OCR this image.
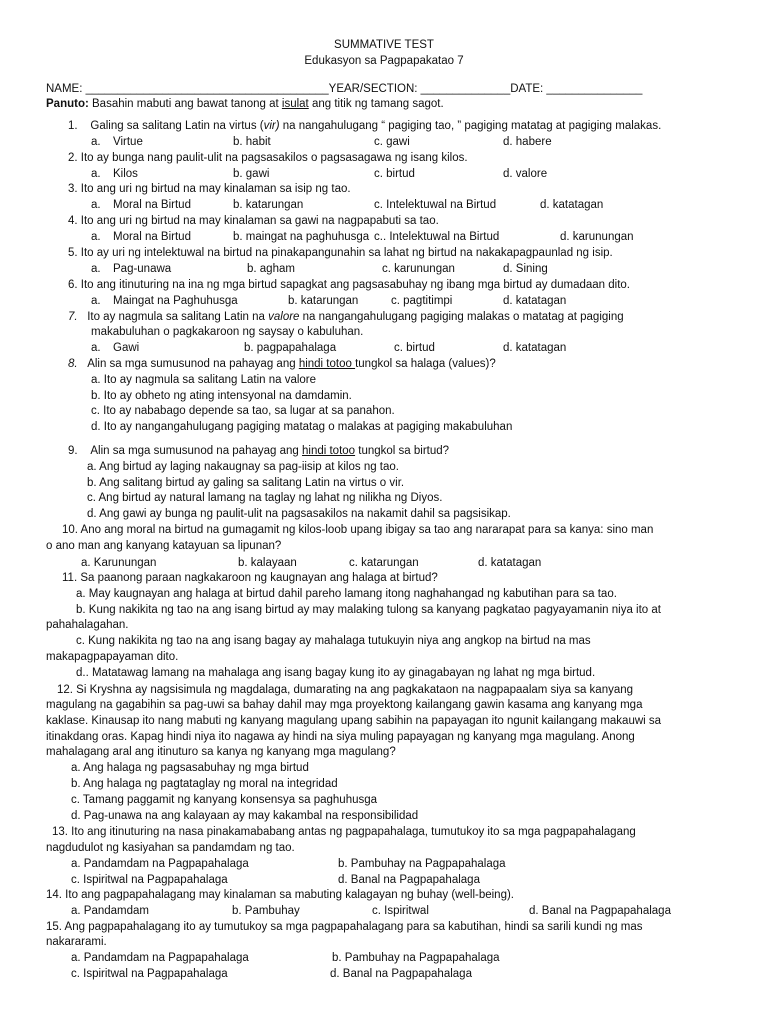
SUMMATIVE TEST
Edukasyon sa Pagpapakatao 7
NAME: ______________________________________YEAR/SECTION: ______________DATE: _______________
Panuto: Basahin mabuti ang bawat tanong at isulat ang titik ng tamang sagot.
1. Galing sa salitang Latin na virtus (vir) na nangahulugang “ pagiging tao, ” pagiging matatag at pagiging malakas.
a. Virtue	b. habit	c. gawi	d. habere
2. Ito ay bunga nang paulit-ulit na pagsasakilos o pagsasagawa ng isang kilos.
a. Kilos	b. gawi	c. birtud	d. valore
3. Ito ang uri ng birtud na may kinalaman sa isip ng tao.
a. Moral na Birtud	b. katarungan	c. Intelektuwal na Birtud	d. katatagan
4. Ito ang uri ng birtud na may kinalaman sa gawi na nagpapabuti sa tao.
a. Moral na Birtud	b. maingat na paghuhusga c.. Intelektuwal na Birtud	d. karunungan
5. Ito ay uri ng intelektuwal na birtud na pinakapangunahin sa lahat ng birtud na nakakapagpaunlad ng isip.
a. Pag-unawa	b. agham	c. karunungan	d. Sining
6. Ito ang itinuturing na ina ng mga birtud sapagkat ang pagsasabuhay ng ibang mga birtud ay dumadaan dito.
a. Maingat na Paghuhusga	b. katarungan	c. pagtitimpi	d. katatagan
7. Ito ay nagmula sa salitang Latin na valore na nangangahulugang pagiging malakas o matatag at pagiging
makabuluhan o pagkakaroon ng saysay o kabuluhan.
a. Gawi	b. pagpapahalaga	c. birtud	d. katatagan
8. Alin sa mga sumusunod na pahayag ang hindi totoo tungkol sa halaga (values)?
a. Ito ay nagmula sa salitang Latin na valore
b. Ito ay obheto ng ating intensyonal na damdamin.
c. Ito ay nababago depende sa tao, sa lugar at sa panahon.
d. Ito ay nangangahulugang pagiging matatag o malakas at pagiging makabuluhan
9. Alin sa mga sumusunod na pahayag ang hindi totoo tungkol sa birtud?
a. Ang birtud ay laging nakaugnay sa pag-iisip at kilos ng tao.
b. Ang salitang birtud ay galing sa salitang Latin na virtus o vir.
c. Ang birtud ay natural lamang na taglay ng lahat ng nilikha ng Diyos.
d. Ang gawi ay bunga ng paulit-ulit na pagsasakilos na nakamit dahil sa pagsisikap.
10. Ano ang moral na birtud na gumagamit ng kilos-loob upang ibigay sa tao ang nararapat para sa kanya: sino man
o ano man ang kanyang katayuan sa lipunan?
a. Karunungan	b. kalayaan	c. katarungan	d. katatagan
11. Sa paanong paraan nagkakaroon ng kaugnayan ang halaga at birtud?
a. May kaugnayan ang halaga at birtud dahil pareho lamang itong naghahangad ng kabutihan para sa tao.
b. Kung nakikita ng tao na ang isang birtud ay may malaking tulong sa kanyang pagkatao pagyayamanin niya ito at
pahahalagahan.
c. Kung nakikita ng tao na ang isang bagay ay mahalaga tutukuyin niya ang angkop na birtud na mas
makapagpapayaman dito.
d.. Matatawag lamang na mahalaga ang isang bagay kung ito ay ginagabayan ng lahat ng mga birtud.
12. Si Kryshna ay nagsisimula ng magdalaga, dumarating na ang pagkakataon na nagpapaalam siya sa kanyang
magulang na gagabihin sa pag-uwi sa bahay dahil may mga proyektong kailangang gawin kasama ang kanyang mga
kaklase. Kinausap ito nang mabuti ng kanyang magulang upang sabihin na papayagan ito ngunit kailangang makauwi sa
itinakdang oras. Kapag hindi niya ito nagawa ay hindi na siya muling papayagan ng kanyang mga magulang. Anong
mahalagang aral ang itinuturo sa kanya ng kanyang mga magulang?
a. Ang halaga ng pagsasabuhay ng mga birtud
b. Ang halaga ng pagtataglay ng moral na integridad
c. Tamang paggamit ng kanyang konsensya sa paghuhusga
d. Pag-unawa na ang kalayaan ay may kakambal na responsibilidad
13. Ito ang itinuturing na nasa pinakamababang antas ng pagpapahalaga, tumutukoy ito sa mga pagpapahalagang
nagdudulot ng kasiyahan sa pandamdam ng tao.
a. Pandamdam na Pagpapahalaga	b. Pambuhay na Pagpapahalaga
c. Ispiritwal na Pagpapahalaga	d. Banal na Pagpapahalaga
14. Ito ang pagpapahalagang may kinalaman sa mabuting kalagayan ng buhay (well-being).
a. Pandamdam	b. Pambuhay	c. Ispiritwal	d. Banal na Pagpapahalaga
15. Ang pagpapahalagang ito ay tumutukoy sa mga pagpapahalagang para sa kabutihan, hindi sa sarili kundi ng mas
nakararami.
a. Pandamdam na Pagpapahalaga	b. Pambuhay na Pagpapahalaga
c. Ispiritwal na Pagpapahalaga	d. Banal na Pagpapahalaga
